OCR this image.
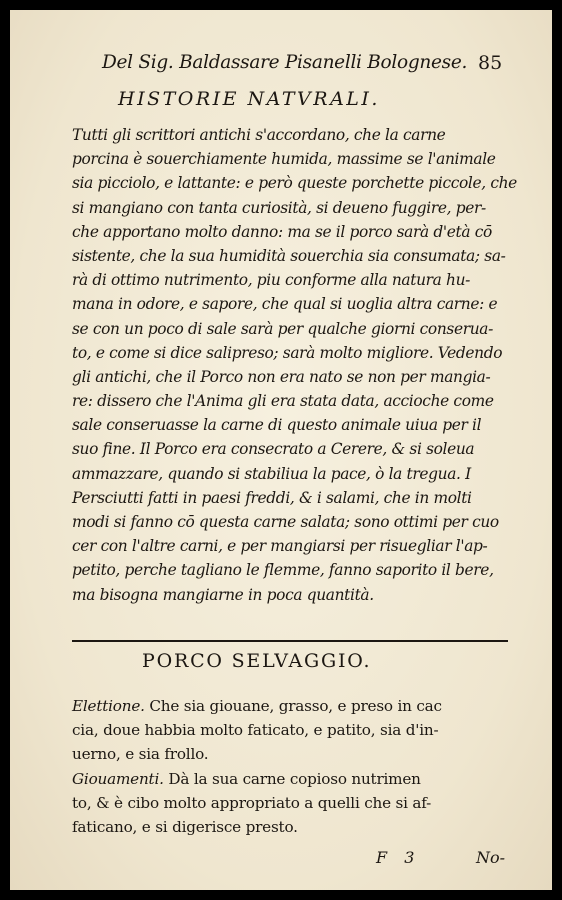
Del Sig. Baldassare Pisanelli Bolognese. 85
HISTORIE NATVRALI.
Tutti gli scrittori antichi s'accordano, che la carne
porcina è souerchiamente humida, massime se l'animale
sia picciolo, e lattante: e però queste porchette piccole, che
si mangiano con tanta curiosità, si deueno fuggire, per-
che apportano molto danno: ma se il porco sarà d'età cō
sistente, che la sua humidità souerchia sia consumata; sa-
rà di ottimo nutrimento, piu conforme alla natura hu-
mana in odore, e sapore, che qual si uoglia altra carne: e
se con un poco di sale sarà per qualche giorni conserua-
to, e come si dice salipreso; sarà molto migliore. Vedendo
gli antichi, che il Porco non era nato se non per mangia-
re: dissero che l'Anima gli era stata data, accioche come
sale conseruasse la carne di questo animale uiua per il
suo fine. Il Porco era consecrato a Cerere, & si soleua
ammazzare, quando si stabiliua la pace, ò la tregua. I
Persciutti fatti in paesi freddi, & i salami, che in molti
modi si fanno cō questa carne salata; sono ottimi per cuo
cer con l'altre carni, e per mangiarsi per risuegliar l'ap-
petito, perche tagliano le flemme, fanno saporito il bere,
ma bisogna mangiarne in poca quantità.
PORCO SELVAGGIO.
Elettione. Che sia giouane, grasso, e preso in cac
cia, doue habbia molto faticato, e patito, sia d'in-
uerno, e sia frollo.
Giouamenti. Dà la sua carne copioso nutrimen
to, & è cibo molto appropriato a quelli che si af-
faticano, e si digerisce presto.
F 3	No-
